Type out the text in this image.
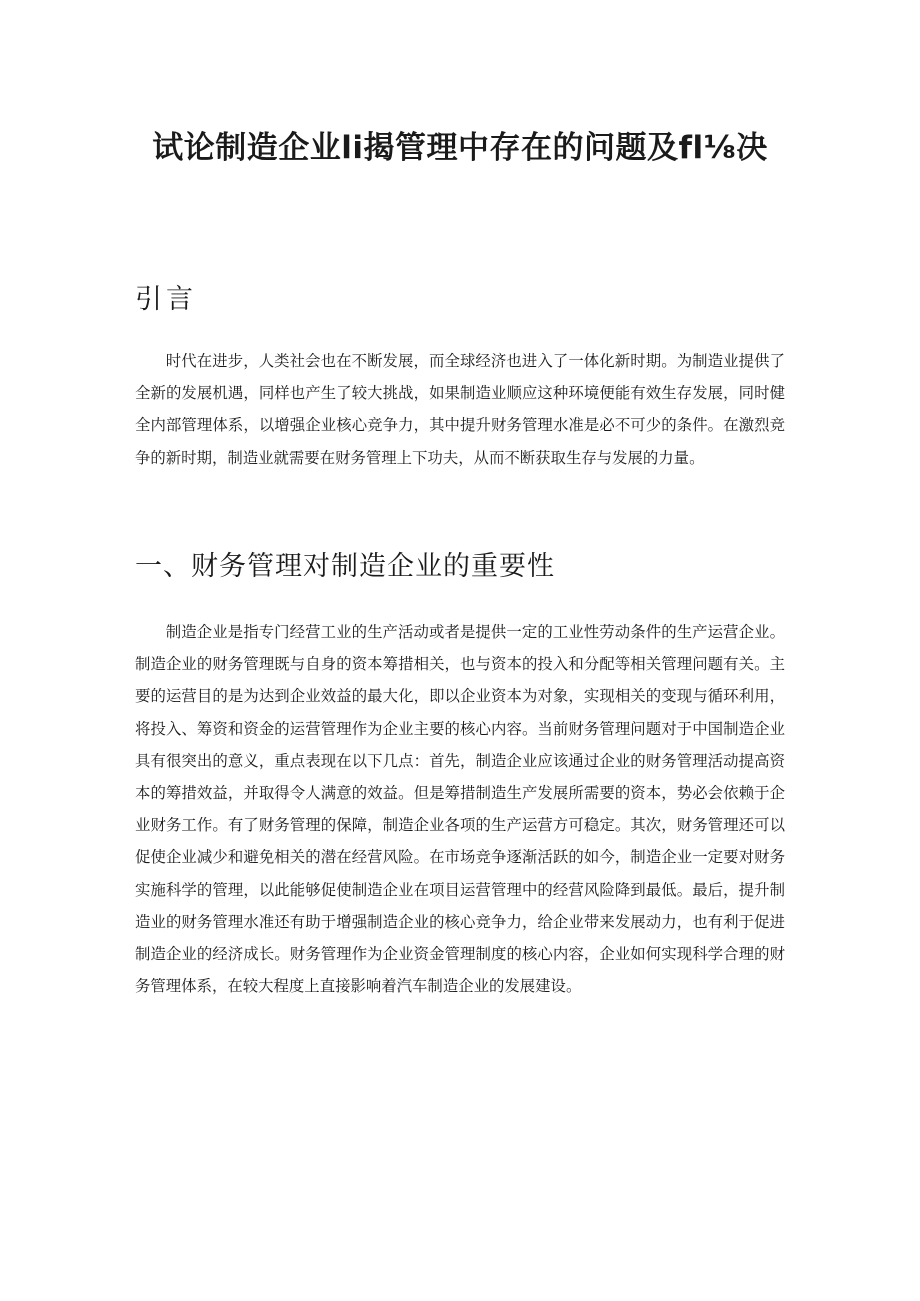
试论制造企业li揭管理中存在的问题及fl⅛决
引言

时代在进步，人类社会也在不断发展，而全球经济也进入了一体化新时期。为制造业提供了全新的发展机遇，同样也产生了较大挑战，如果制造业顺应这种环境便能有效生存发展，同时健全内部管理体系，以增强企业核心竞争力，其中提升财务管理水准是必不可少的条件。在激烈竞争的新时期，制造业就需要在财务管理上下功夫，从而不断获取生存与发展的力量。

一、财务管理对制造企业的重要性

制造企业是指专门经营工业的生产活动或者是提供一定的工业性劳动条件的生产运营企业。制造企业的财务管理既与自身的资本筹措相关，也与资本的投入和分配等相关管理问题有关。主要的运营目的是为达到企业效益的最大化，即以企业资本为对象，实现相关的变现与循环利用，将投入、筹资和资金的运营管理作为企业主要的核心内容。当前财务管理问题对于中国制造企业具有很突出的意义，重点表现在以下几点：首先，制造企业应该通过企业的财务管理活动提高资本的筹措效益，并取得令人满意的效益。但是筹措制造生产发展所需要的资本，势必会依赖于企业财务工作。有了财务管理的保障，制造企业各项的生产运营方可稳定。其次，财务管理还可以促使企业减少和避免相关的潜在经营风险。在市场竞争逐渐活跃的如今，制造企业一定要对财务实施科学的管理，以此能够促使制造企业在项目运营管理中的经营风险降到最低。最后，提升制造业的财务管理水准还有助于增强制造企业的核心竞争力，给企业带来发展动力，也有利于促进制造企业的经济成长。财务管理作为企业资金管理制度的核心内容，企业如何实现科学合理的财务管理体系，在较大程度上直接影响着汽车制造企业的发展建设。
